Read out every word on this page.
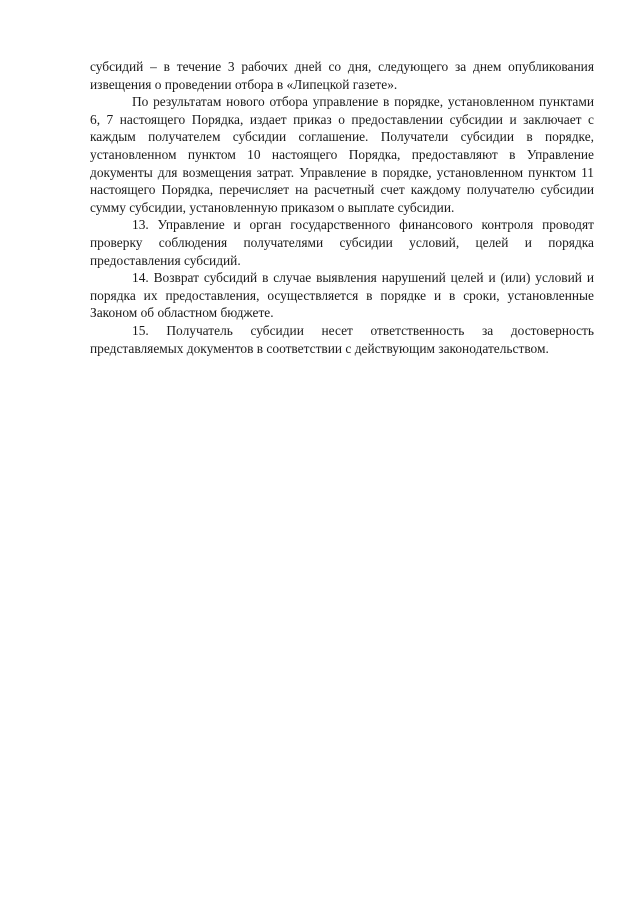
субсидий – в течение 3 рабочих дней со дня, следующего за днем опубликования извещения о проведении отбора в «Липецкой газете».

По результатам нового отбора управление в порядке, установленном пунктами 6, 7 настоящего Порядка, издает приказ о предоставлении субсидии и заключает с каждым получателем субсидии соглашение. Получатели субсидии в порядке, установленном пунктом 10 настоящего Порядка, предоставляют в Управление документы для возмещения затрат. Управление в порядке, установленном пунктом 11 настоящего Порядка, перечисляет на расчетный счет каждому получателю субсидии сумму субсидии, установленную приказом о выплате субсидии.

13. Управление и орган государственного финансового контроля проводят проверку соблюдения получателями субсидии условий, целей и порядка предоставления субсидий.

14. Возврат субсидий в случае выявления нарушений целей и (или) условий и порядка их предоставления, осуществляется в порядке и в сроки, установленные Законом об областном бюджете.

15. Получатель субсидии несет ответственность за достоверность представляемых документов в соответствии с действующим законодательством.
